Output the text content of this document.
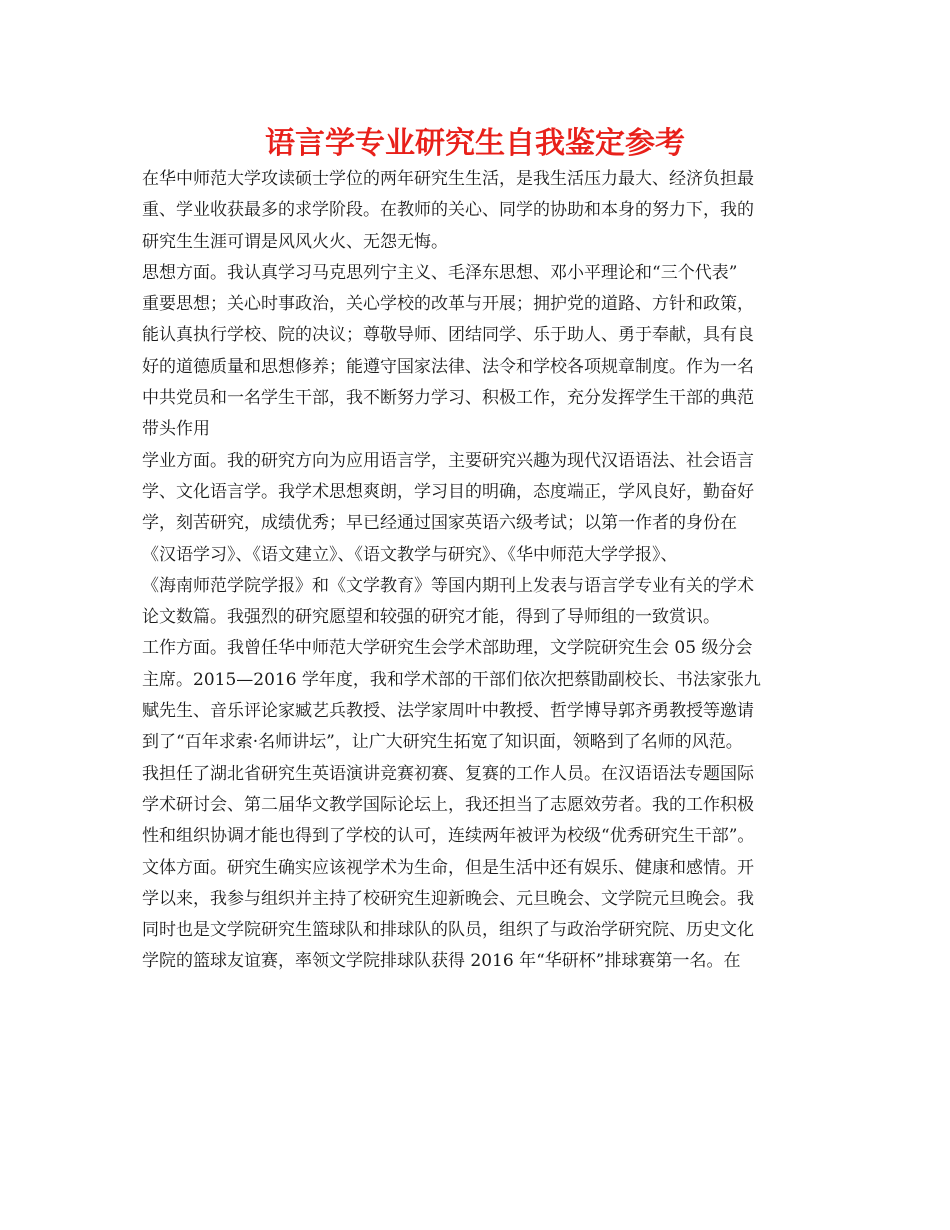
语言学专业研究生自我鉴定参考
在华中师范大学攻读硕士学位的两年研究生生活，是我生活压力最大、经济负担最
重、学业收获最多的求学阶段。在教师的关心、同学的协助和本身的努力下，我的
研究生生涯可谓是风风火火、无怨无悔。
思想方面。我认真学习马克思列宁主义、毛泽东思想、邓小平理论和“三个代表”
重要思想；关心时事政治，关心学校的改革与开展；拥护党的道路、方针和政策，
能认真执行学校、院的决议；尊敬导师、团结同学、乐于助人、勇于奉献，具有良
好的道德质量和思想修养；能遵守国家法律、法令和学校各项规章制度。作为一名
中共党员和一名学生干部，我不断努力学习、积极工作，充分发挥学生干部的典范
带头作用
学业方面。我的研究方向为应用语言学，主要研究兴趣为现代汉语语法、社会语言
学、文化语言学。我学术思想爽朗，学习目的明确，态度端正，学风良好，勤奋好
学，刻苦研究，成绩优秀；早已经通过国家英语六级考试；以第一作者的身份在
《汉语学习》、《语文建立》、《语文教学与研究》、《华中师范大学学报》、
《海南师范学院学报》和《文学教育》等国内期刊上发表与语言学专业有关的学术
论文数篇。我强烈的研究愿望和较强的研究才能，得到了导师组的一致赏识。
工作方面。我曾任华中师范大学研究生会学术部助理，文学院研究生会 05 级分会
主席。2015—2016 学年度，我和学术部的干部们依次把蔡勖副校长、书法家张九
赋先生、音乐评论家臧艺兵教授、法学家周叶中教授、哲学博导郭齐勇教授等邀请
到了“百年求索·名师讲坛”，让广大研究生拓宽了知识面，领略到了名师的风范。
我担任了湖北省研究生英语演讲竞赛初赛、复赛的工作人员。在汉语语法专题国际
学术研讨会、第二届华文教学国际论坛上，我还担当了志愿效劳者。我的工作积极
性和组织协调才能也得到了学校的认可，连续两年被评为校级“优秀研究生干部”。
文体方面。研究生确实应该视学术为生命，但是生活中还有娱乐、健康和感情。开
学以来，我参与组织并主持了校研究生迎新晚会、元旦晚会、文学院元旦晚会。我
同时也是文学院研究生篮球队和排球队的队员，组织了与政治学研究院、历史文化
学院的篮球友谊赛，率领文学院排球队获得 2016 年“华研杯”排球赛第一名。在
